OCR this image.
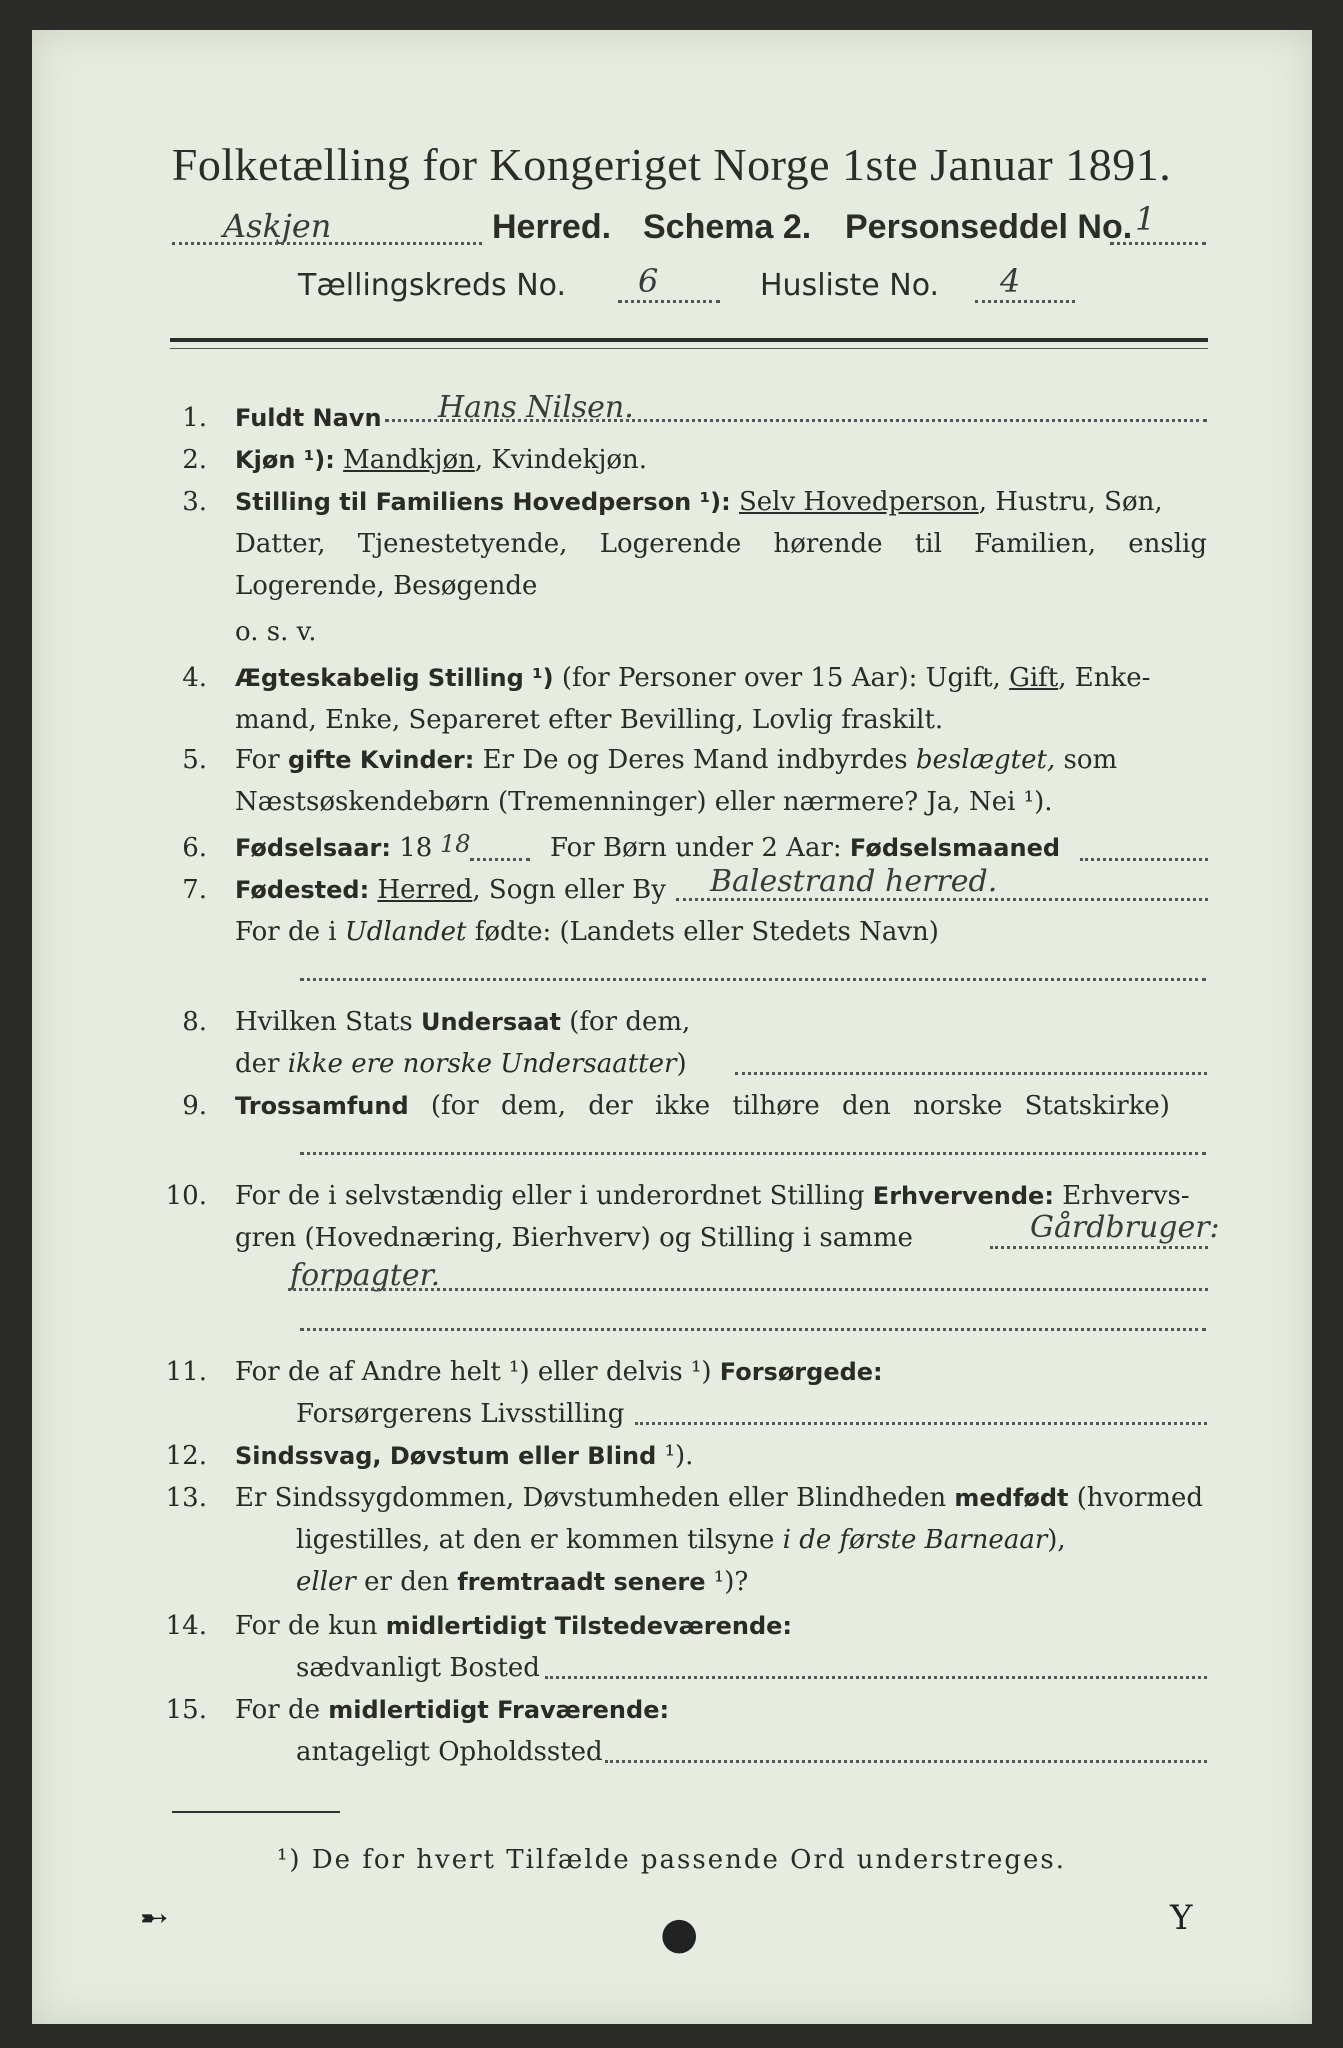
Folketælling for Kongeriget Norge 1ste Januar 1891.
Askjen	Herred. Schema 2. Personseddel No. 1
Tællingskreds No. 6	Husliste No. 4
1. Fuldt Navn Hans Nilsen.
2. Kjøn ¹): Mandkjøn, Kvindekjøn.
3. Stilling til Familiens Hovedperson ¹): Selv Hovedperson, Hustru, Søn,
Datter, Tjenestetyende, Logerende hørende til Familien, enslig
Logerende, Besøgende
o. s. v.
4. Ægteskabelig Stilling ¹) (for Personer over 15 Aar): Ugift, Gift, Enke-
mand, Enke, Separeret efter Bevilling, Lovlig fraskilt.
5. For gifte Kvinder: Er De og Deres Mand indbyrdes beslægtet, som
Næstsøskendebørn (Tremenninger) eller nærmere? Ja, Nei ¹).
6. Fødselsaar: 18 18	For Børn under 2 Aar: Fødselsmaaned
7. Fødested: Herred, Sogn eller By Balestrand herred.
For de i Udlandet fødte: (Landets eller Stedets Navn)
8. Hvilken Stats Undersaat (for dem,
der ikke ere norske Undersaatter)
9. Trossamfund (for dem, der ikke tilhøre den norske Statskirke)
10. For de i selvstændig eller i underordnet Stilling Erhvervende: Erhvervs-
gren (Hovednæring, Bierhverv) og Stilling i samme	Gårdbruger:
forpagter.
11. For de af Andre helt ¹) eller delvis ¹) Forsørgede:
Forsørgerens Livsstilling
12. Sindssvag, Døvstum eller Blind ¹).
13. Er Sindssygdommen, Døvstumheden eller Blindheden medfødt (hvormed
ligestilles, at den er kommen tilsyne i de første Barneaar),
eller er den fremtraadt senere ¹)?
14. For de kun midlertidigt Tilstedeværende:
sædvanligt Bosted
15. For de midlertidigt Fraværende:
antageligt Opholdssted
¹) De for hvert Tilfælde passende Ord understreges.
➸	●	Y
